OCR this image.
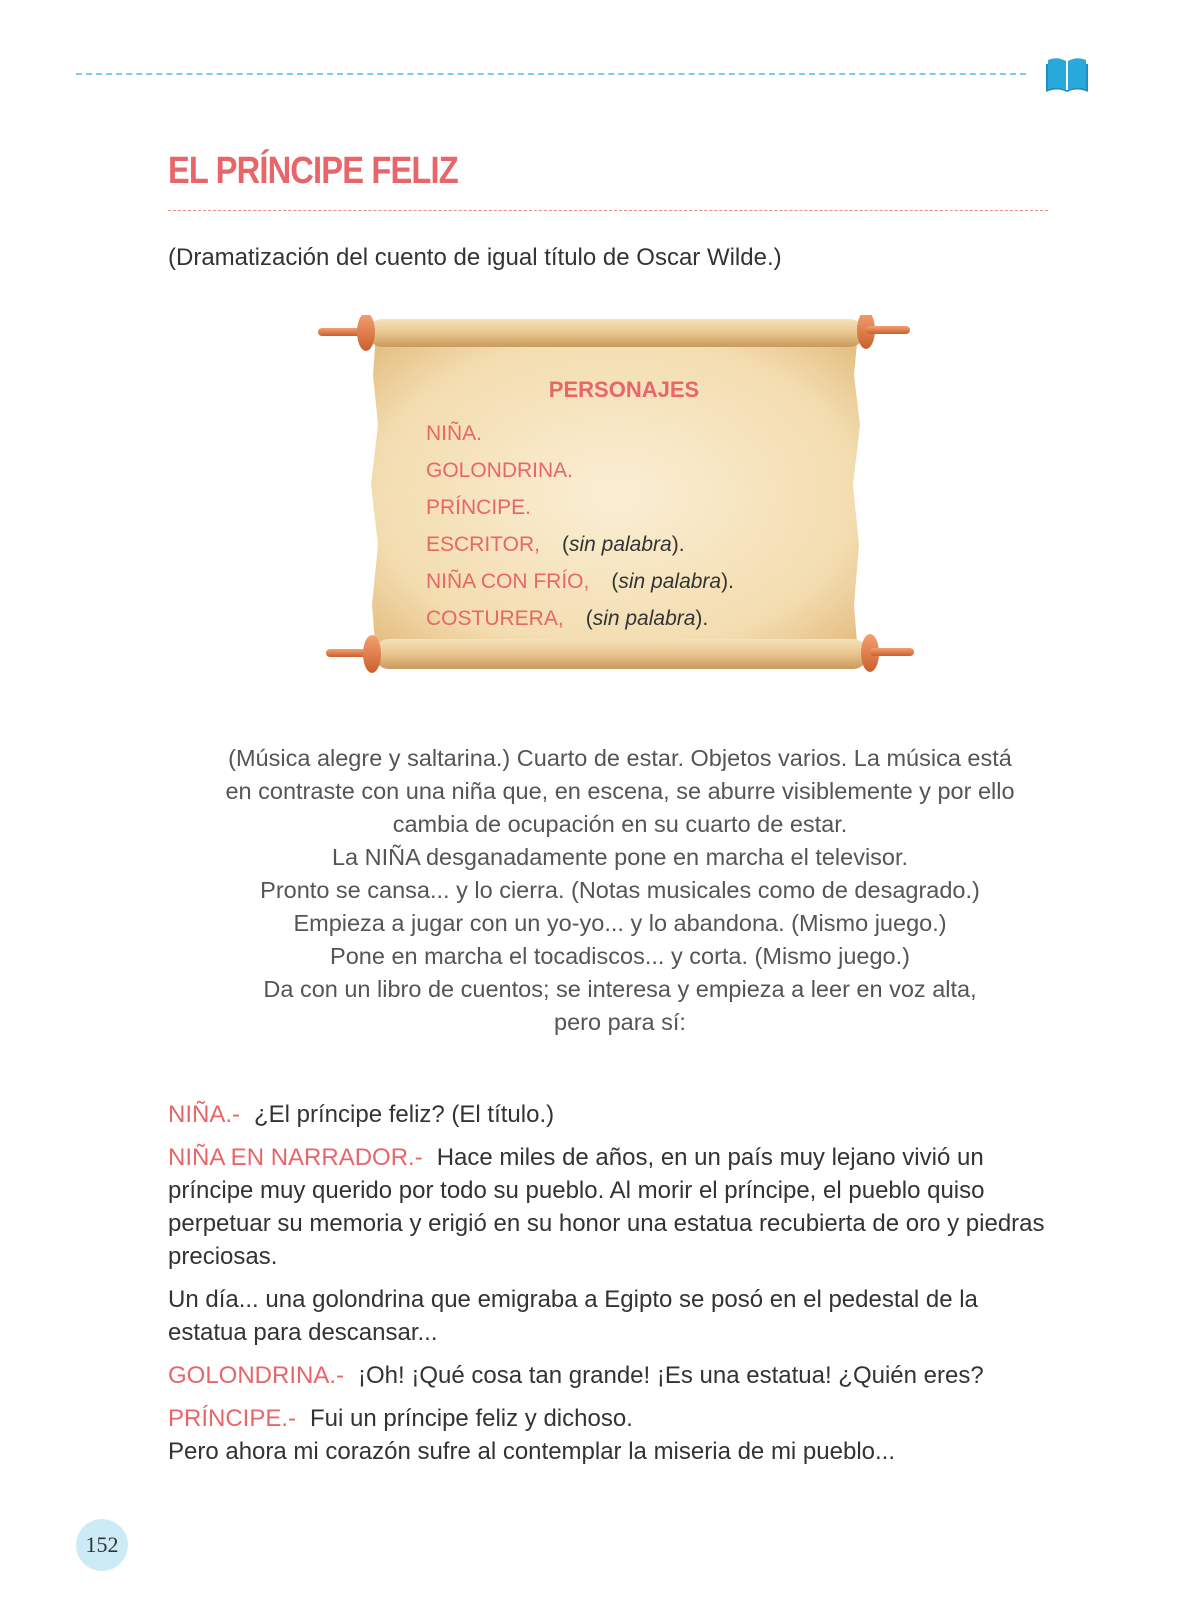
EL PRÍNCIPE FELIZ
(Dramatización del cuento de igual título de Oscar Wilde.)
PERSONAJES
NIÑA.
GOLONDRINA.
PRÍNCIPE.
ESCRITOR, (sin palabra).
NIÑA CON FRÍO, (sin palabra).
COSTURERA, (sin palabra).

(Música alegre y saltarina.) Cuarto de estar. Objetos varios. La música está

en contraste con una niña que, en escena, se aburre visiblemente y por ello

cambia de ocupación en su cuarto de estar.

La NIÑA desganadamente pone en marcha el televisor.

Pronto se cansa... y lo cierra. (Notas musicales como de desagrado.)

Empieza a jugar con un yo-yo... y lo abandona. (Mismo juego.)

Pone en marcha el tocadiscos... y corta. (Mismo juego.)

Da con un libro de cuentos; se interesa y empieza a leer en voz alta,

pero para sí:

NIÑA.- ¿El príncipe feliz? (El título.)

NIÑA EN NARRADOR.- Hace miles de años, en un país muy lejano vivió un príncipe muy querido por todo su pueblo. Al morir el príncipe, el pueblo quiso perpetuar su memoria y erigió en su honor una estatua recubierta de oro y piedras preciosas.

Un día... una golondrina que emigraba a Egipto se posó en el pedestal de la estatua para descansar...

GOLONDRINA.- ¡Oh! ¡Qué cosa tan grande! ¡Es una estatua! ¿Quién eres?

PRÍNCIPE.- Fui un príncipe feliz y dichoso.

Pero ahora mi corazón sufre al contemplar la miseria de mi pueblo...

152
